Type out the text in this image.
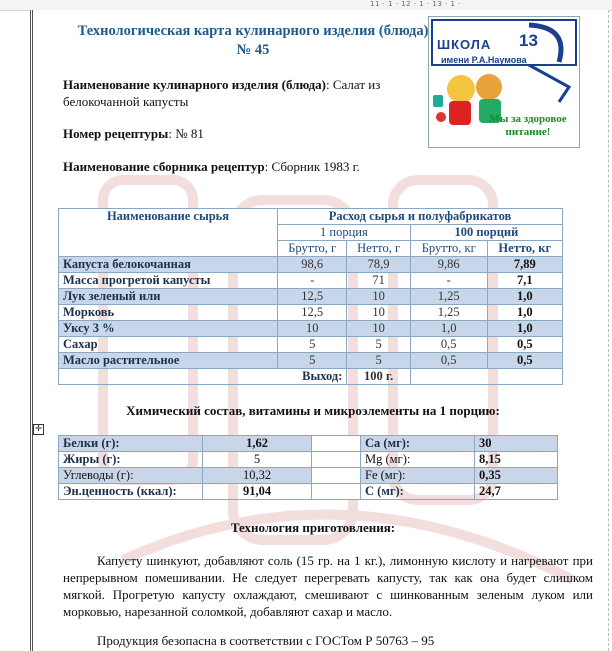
11 · 1 · 12 · 1 · 13 · 1 ·
Технологическая карта кулинарного изделия (блюда) № 45	ШКОЛА 13
имени Р.А.Наумова
Мы за здоровое питание!
Наименование кулинарного изделия (блюда): Салат из белокочанной капусты
Номер рецептуры: № 81
Наименование сборника рецептур: Сборник 1983 г.
Наименование сырья	Расход сырья и полуфабрикатов			
	1 порция		100 порций	
	Брутто, г	Нетто, г	Брутто, кг	Нетто, кг
Капуста белокочанная	98,6	78,9	9,86	7,89
Масса прогретой капусты	-	71	-	7,1
Лук зеленый или	12,5	10	1,25	1,0
Морковь	12,5	10	1,25	1,0
Уксу 3 %	10	10	1,0	1,0
Сахар	5	5	0,5	0,5
Масло растительное	5	5	0,5	0,5
Выход:		100 г.		
Химический состав, витамины и микроэлементы на 1 порцию:
✛
Белки (г):	1,62		Са (мг):	30
Жиры (г):	5		Mg (мг):	8,15
Углеводы (г):	10,32		Fe (мг):	0,35
Эн.ценность (ккал):	91,04		С (мг):	24,7
Технология приготовления:
Капусту шинкуют, добавляют соль (15 гр. на 1 кг.), лимонную кислоту и нагревают при непрерывном помешивании. Не следует перегревать капусту, так как она будет слишком мягкой. Прогретую капусту охлаждают, смешивают с шинкованным зеленым луком или морковью, нарезанной соломкой, добавляют сахар и масло.
Продукция безопасна в соответствии с ГОСТом Р 50763 – 95
